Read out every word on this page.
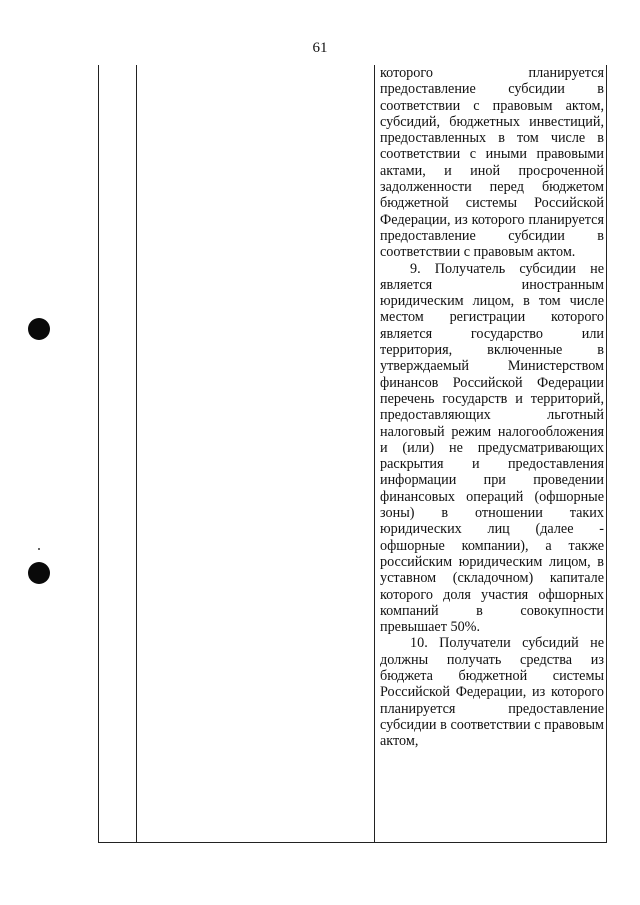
61

которого планируется предоставление субсидии в соответствии с правовым актом, субсидий, бюджетных инвестиций, предоставленных в том числе в соответствии с иными правовыми актами, и иной просроченной задолженности перед бюджетом бюджетной системы Российской Федерации, из которого планируется предоставление субсидии в соответствии с правовым актом.

9. Получатель субсидии не является иностранным юридическим лицом, в том числе местом регистрации которого является государство или территория, включенные в утверждаемый Министерством финансов Российской Федерации перечень государств и территорий, предоставляющих льготный налоговый режим налогообложения и (или) не предусматривающих раскрытия и предоставления информации при проведении финансовых операций (офшорные зоны) в отношении таких юридических лиц (далее - офшорные компании), а также российским юридическим лицом, в уставном (складочном) капитале которого доля участия офшорных компаний в совокупности превышает 50%.

10. Получатели субсидий не должны получать средства из бюджета бюджетной системы Российской Федерации, из которого планируется предоставление субсидии в соответствии с правовым актом,
